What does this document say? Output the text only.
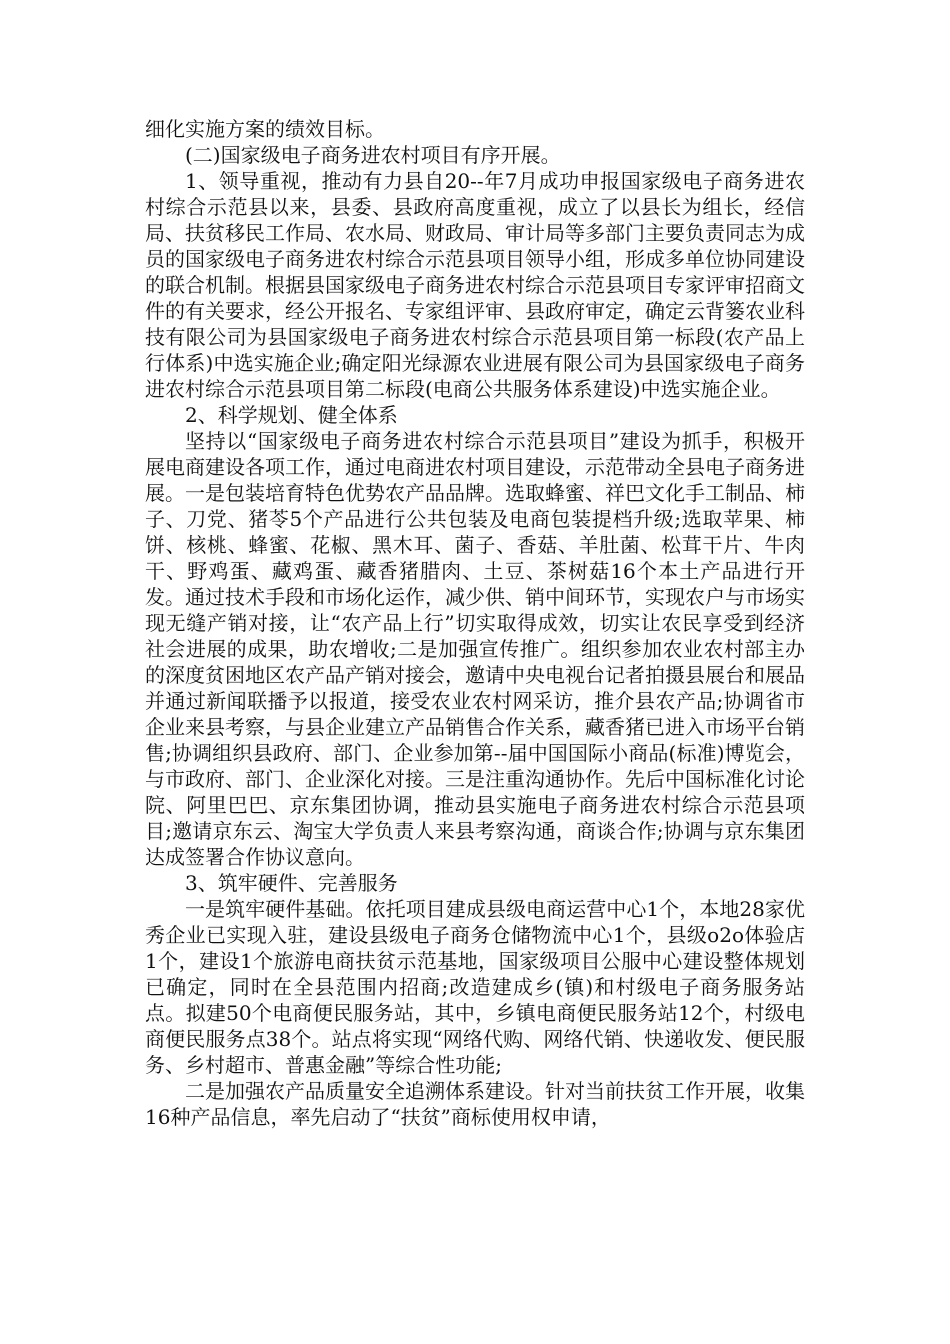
细化实施方案的绩效目标。

(二)国家级电子商务进农村项目有序开展。

1、领导重视，推动有力县自20--年7月成功申报国家级电子商务进农村综合示范县以来，县委、县政府高度重视，成立了以县长为组长，经信局、扶贫移民工作局、农水局、财政局、审计局等多部门主要负责同志为成员的国家级电子商务进农村综合示范县项目领导小组，形成多单位协同建设的联合机制。根据县国家级电子商务进农村综合示范县项目专家评审招商文件的有关要求，经公开报名、专家组评审、县政府审定，确定云背篓农业科技有限公司为县国家级电子商务进农村综合示范县项目第一标段(农产品上行体系)中选实施企业;确定阳光绿源农业进展有限公司为县国家级电子商务进农村综合示范县项目第二标段(电商公共服务体系建设)中选实施企业。

2、科学规划、健全体系

坚持以“国家级电子商务进农村综合示范县项目”建设为抓手，积极开展电商建设各项工作，通过电商进农村项目建设，示范带动全县电子商务进展。一是包装培育特色优势农产品品牌。选取蜂蜜、祥巴文化手工制品、柿子、刀党、猪苓5个产品进行公共包装及电商包装提档升级;选取苹果、柿饼、核桃、蜂蜜、花椒、黑木耳、菌子、香菇、羊肚菌、松茸干片、牛肉干、野鸡蛋、藏鸡蛋、藏香猪腊肉、土豆、茶树菇16个本土产品进行开发。通过技术手段和市场化运作，减少供、销中间环节，实现农户与市场实现无缝产销对接，让“农产品上行”切实取得成效，切实让农民享受到经济社会进展的成果，助农增收;二是加强宣传推广。组织参加农业农村部主办的深度贫困地区农产品产销对接会，邀请中央电视台记者拍摄县展台和展品并通过新闻联播予以报道，接受农业农村网采访，推介县农产品;协调省市企业来县考察，与县企业建立产品销售合作关系，藏香猪已进入市场平台销售;协调组织县政府、部门、企业参加第--届中国国际小商品(标准)博览会，与市政府、部门、企业深化对接。三是注重沟通协作。先后中国标准化讨论院、阿里巴巴、京东集团协调，推动县实施电子商务进农村综合示范县项目;邀请京东云、淘宝大学负责人来县考察沟通，商谈合作;协调与京东集团达成签署合作协议意向。

3、筑牢硬件、完善服务

一是筑牢硬件基础。依托项目建成县级电商运营中心1个，本地28家优秀企业已实现入驻，建设县级电子商务仓储物流中心1个，县级o2o体验店1个，建设1个旅游电商扶贫示范基地，国家级项目公服中心建设整体规划已确定，同时在全县范围内招商;改造建成乡(镇)和村级电子商务服务站点。拟建50个电商便民服务站，其中，乡镇电商便民服务站12个，村级电商便民服务点38个。站点将实现“网络代购、网络代销、快递收发、便民服务、乡村超市、普惠金融”等综合性功能;

二是加强农产品质量安全追溯体系建设。针对当前扶贫工作开展，收集16种产品信息，率先启动了“扶贫”商标使用权申请，
